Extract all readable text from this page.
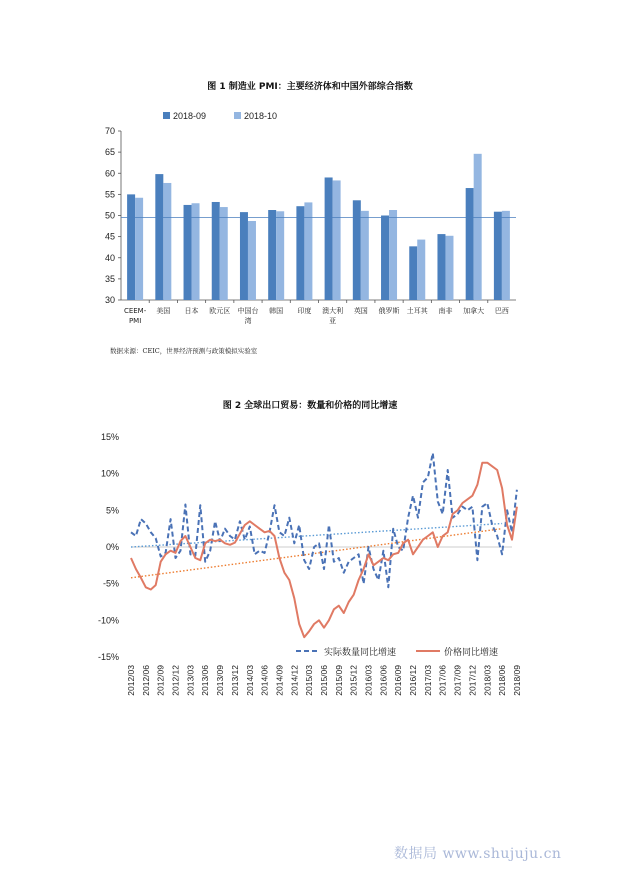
图 1 制造业 PMI：主要经济体和中国外部综合指数
30
35
40
45
50
55
60
65
70
CEEM-
PMI
美国 日本 欧元区 中国台
湾
韩国 印度 澳大利
亚
英国 俄罗斯 土耳其 南非 加拿大 巴西
2018-09	2018-10
数据来源：CEIC，世界经济预测与政策模拟实验室
图 2 全球出口贸易：数量和价格的同比增速
15%
10%
5%
0%
-5%
-10%
-15%
2012/03 2012/06 2012/09 2012/12 2013/03 2013/06 2013/09 2013/12 2014/03 2014/06 2014/09 2014/12 2015/03 2015/06 2015/09 2015/12 2016/03 2016/06 2016/09 2016/12 2017/03 2017/06 2017/09 2017/12 2018/03 2018/06 2018/09
实际数量同比增速	价格同比增速
数据局 www.shujuju.cn
